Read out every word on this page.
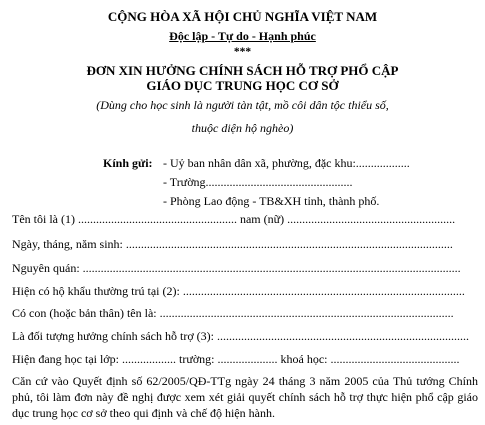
CỘNG HÒA XÃ HỘI CHỦ NGHĨA VIỆT NAM
Độc lập - Tự do - Hạnh phúc
***
ĐƠN XIN HƯỞNG CHÍNH SÁCH HỖ TRỢ PHỔ CẬP
GIÁO DỤC TRUNG HỌC CƠ SỞ
(Dùng cho học sinh là người tàn tật, mồ côi dân tộc thiểu số,
thuộc diện hộ nghèo)
Kính gửi: - Uỷ ban nhân dân xã, phường, đặc khu:..................
- Trường.................................................
- Phòng Lao động - TB&XH tỉnh, thành phố.
Tên tôi là (1) ..................................................... nam (nữ) ........................................................
Ngày, tháng, năm sinh: .............................................................................................................
Nguyên quán: ..............................................................................................................................
Hiện có hộ khẩu thường trú tại (2): ..............................................................................................
Có con (hoặc bản thân) tên là: ..................................................................................................
Là đối tượng hưởng chính sách hỗ trợ (3): ....................................................................................
Hiện đang học tại lớp: .................. trường: .................... khoá học: ...........................................
Căn cứ vào Quyết định số 62/2005/QĐ-TTg ngày 24 tháng 3 năm 2005 của Thủ tướng Chính phủ, tôi làm đơn này đề nghị được xem xét giải quyết chính sách hỗ trợ thực hiện phổ cập giáo dục trung học cơ sở theo qui định và chế độ hiện hành.
